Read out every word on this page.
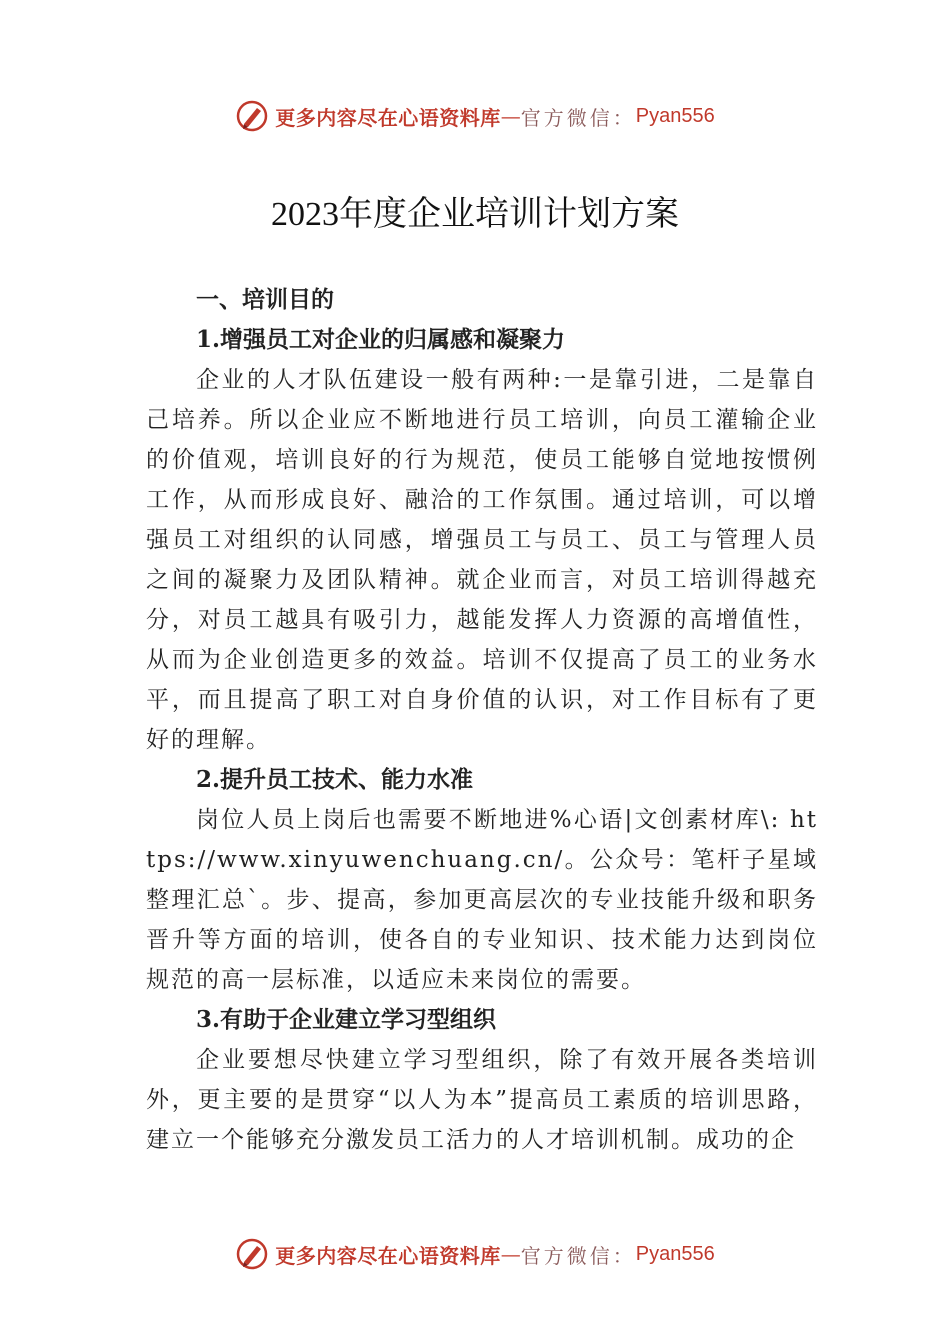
更多内容尽在心语资料库 — 官方微信： Pyan556
2023年度企业培训计划方案
一、培训目的
1.增强员工对企业的归属感和凝聚力
企业的人才队伍建设一般有两种:一是靠引进，二是靠自己培养。所以企业应不断地进行员工培训，向员工灌输企业的价值观，培训良好的行为规范，使员工能够自觉地按惯例工作，从而形成良好、融洽的工作氛围。通过培训，可以增强员工对组织的认同感，增强员工与员工、员工与管理人员之间的凝聚力及团队精神。就企业而言，对员工培训得越充分，对员工越具有吸引力，越能发挥人力资源的高增值性， 从而为企业创造更多的效益。培训不仅提高了员工的业务水平，而且提高了职工对自身价值的认识，对工作目标有了更好的理解。
2.提升员工技术、能力水准
岗位人员上岗后也需要不断地进%心语|文创素材库\: https://www.xinyuwenchuang.cn/。公众号：笔杆子星域整理汇总`。步、提高，参加更高层次的专业技能升级和职务晋升等方面的培训，使各自的专业知识、技术能力达到岗位规范的高一层标准，以适应未来岗位的需要。
3.有助于企业建立学习型组织
企业要想尽快建立学习型组织，除了有效开展各类培训外，更主要的是贯穿“以人为本”提高员工素质的培训思路，建立一个能够充分激发员工活力的人才培训机制。成功的企
更多内容尽在心语资料库 — 官方微信： Pyan556
